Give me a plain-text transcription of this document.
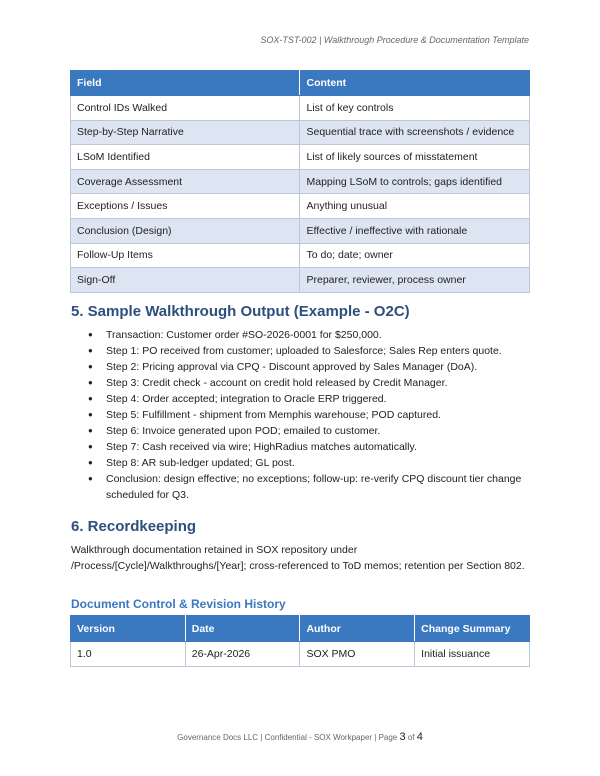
SOX-TST-002 | Walkthrough Procedure & Documentation Template
Field	Content
Control IDs Walked	List of key controls
Step-by-Step Narrative	Sequential trace with screenshots / evidence
LSoM Identified	List of likely sources of misstatement
Coverage Assessment	Mapping LSoM to controls; gaps identified
Exceptions / Issues	Anything unusual
Conclusion (Design)	Effective / ineffective with rationale
Follow-Up Items	To do; date; owner
Sign-Off	Preparer, reviewer, process owner
5. Sample Walkthrough Output (Example - O2C)
● Transaction: Customer order #SO-2026-0001 for $250,000.
● Step 1: PO received from customer; uploaded to Salesforce; Sales Rep enters quote.
● Step 2: Pricing approval via CPQ - Discount approved by Sales Manager (DoA).
● Step 3: Credit check - account on credit hold released by Credit Manager.
● Step 4: Order accepted; integration to Oracle ERP triggered.
● Step 5: Fulfillment - shipment from Memphis warehouse; POD captured.
● Step 6: Invoice generated upon POD; emailed to customer.
● Step 7: Cash received via wire; HighRadius matches automatically.
● Step 8: AR sub-ledger updated; GL post.
● Conclusion: design effective; no exceptions; follow-up: re-verify CPQ discount tier change scheduled for Q3.
6. Recordkeeping

Walkthrough documentation retained in SOX repository under /Process/[Cycle]/Walkthroughs/[Year]; cross-referenced to ToD memos; retention per Section 802.

Document Control & Revision History
Version	Date	Author	Change Summary
1.0	26-Apr-2026	SOX PMO	Initial issuance
Governance Docs LLC | Confidential - SOX Workpaper | Page 3 of 4
